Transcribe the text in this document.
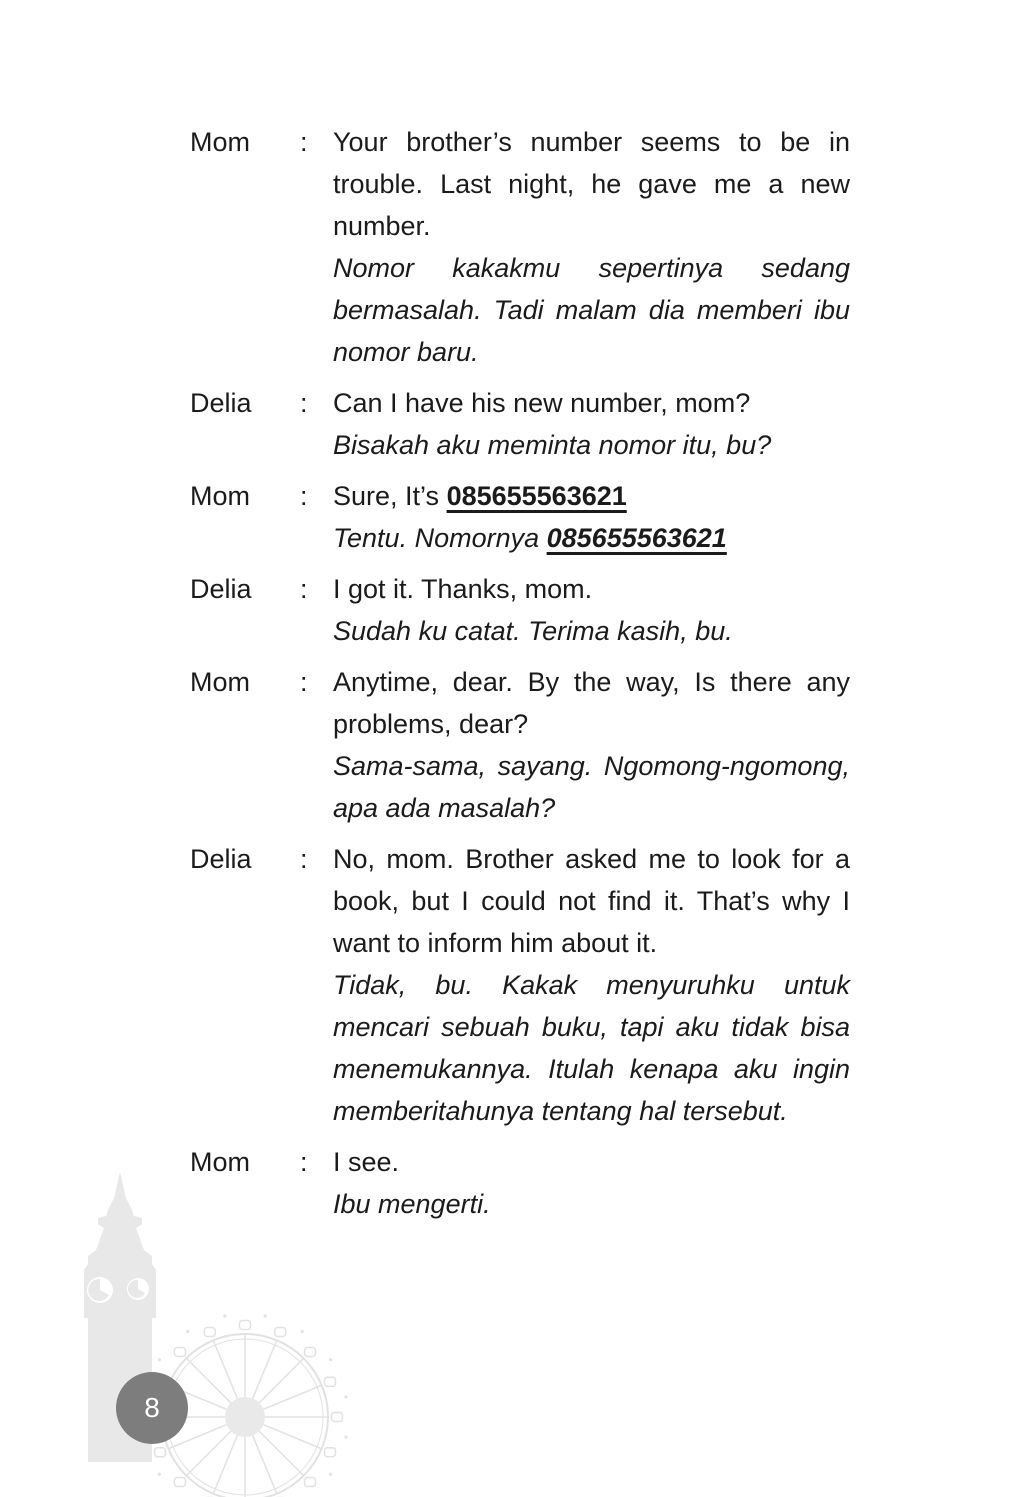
Mom	: Your brother’s number seems to be in trouble. Last night, he gave me a new number.

Nomor kakakmu sepertinya sedang bermasalah. Tadi malam dia memberi ibu nomor baru.

Delia	: Can I have his new number, mom?

Bisakah aku meminta nomor itu, bu?

Mom	: Sure, It’s 085655563621

Tentu. Nomornya 085655563621

Delia	: I got it. Thanks, mom.

Sudah ku catat. Terima kasih, bu.

Mom	: Anytime, dear. By the way, Is there any problems, dear?

Sama-sama, sayang. Ngomong-ngomong, apa ada masalah?

Delia	: No, mom. Brother asked me to look for a book, but I could not find it. That’s why I want to inform him about it.

Tidak, bu. Kakak menyuruhku untuk mencari sebuah buku, tapi aku tidak bisa menemukannya. Itulah kenapa aku ingin memberitahunya tentang hal tersebut.

Mom	: I see.

Ibu mengerti.

8
